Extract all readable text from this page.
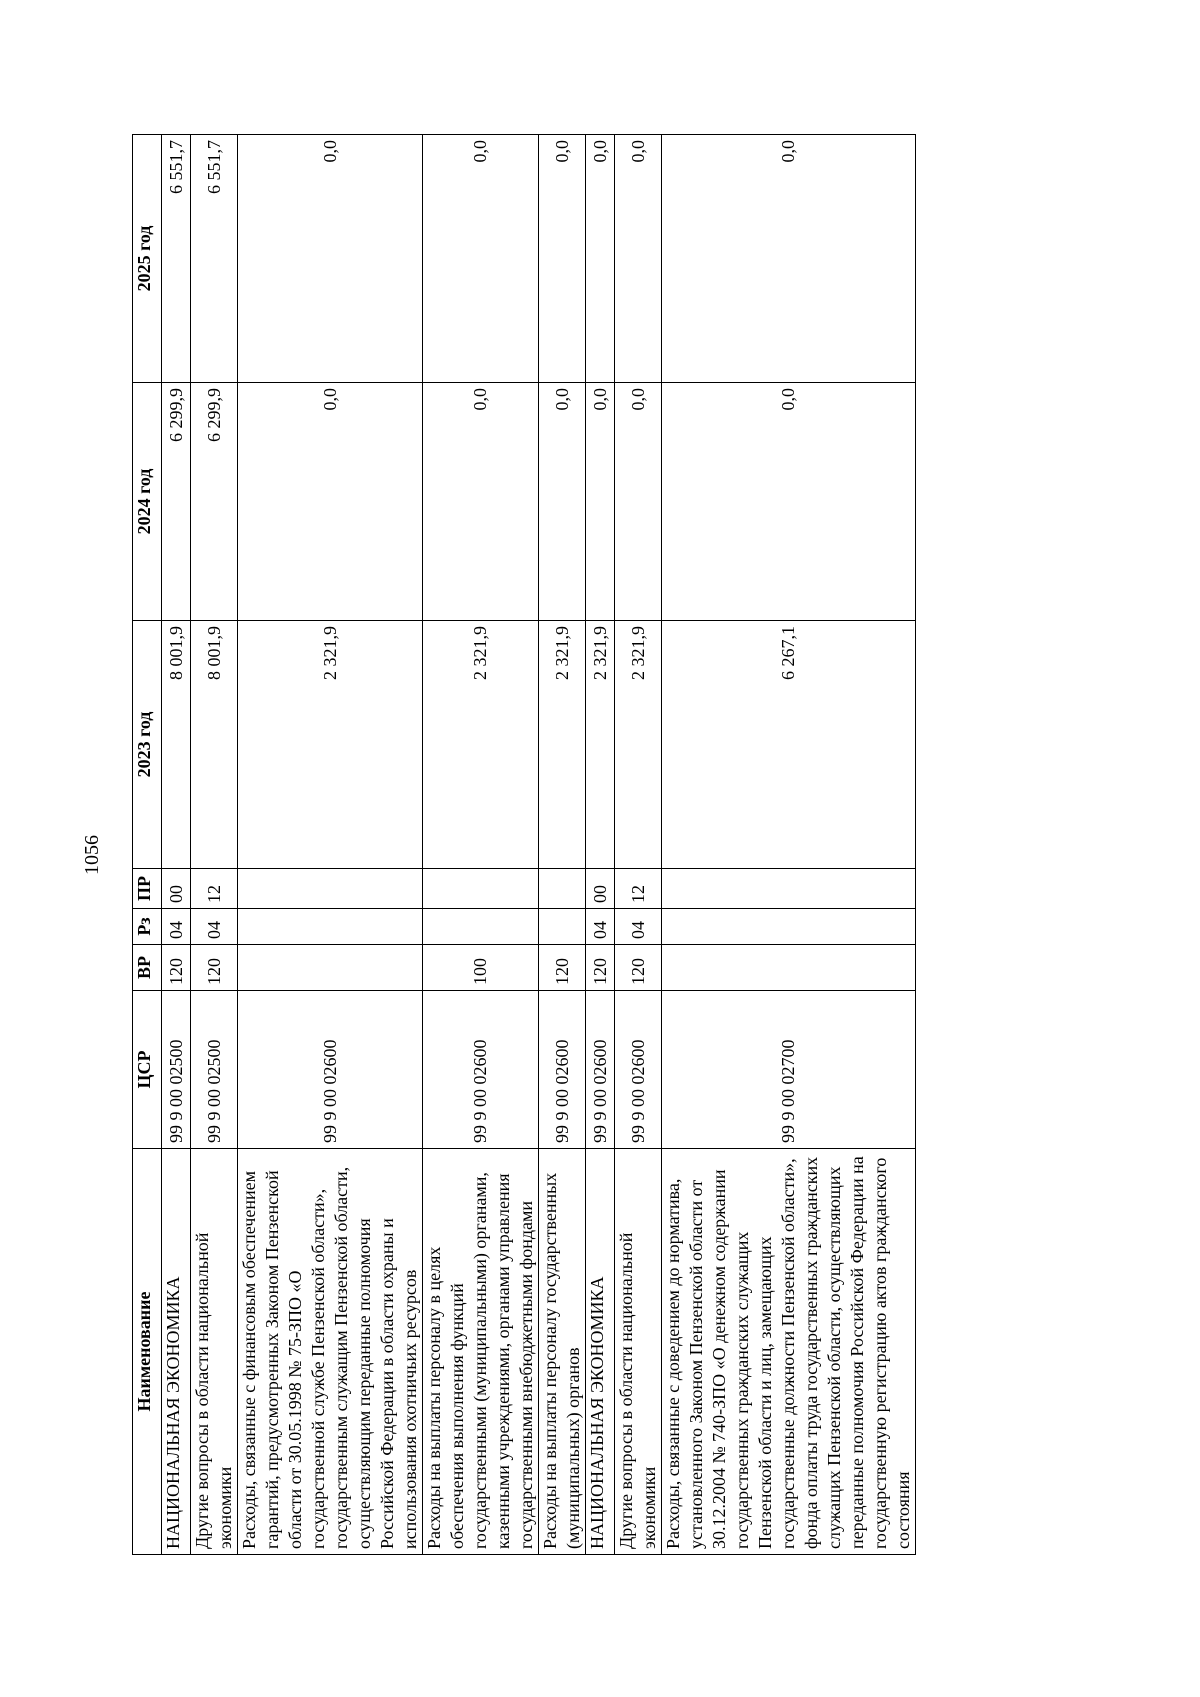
1056
Наименование	ЦСР	ВР	Рз	ПР	2023 год	2024 год	2025 год
НАЦИОНАЛЬНАЯ ЭКОНОМИКА	99 9 00 02500	120	04	00	8 001,9	6 299,9	6 551,7
Другие вопросы в области национальной экономики	99 9 00 02500	120	04	12	8 001,9	6 299,9	6 551,7
Расходы, связанные с финансовым обеспечением гарантий, предусмотренных Законом Пензенской области от 30.05.1998 № 75-ЗПО «О государственной службе Пензенской области», государственным служащим Пензенской области, осуществляющим переданные полномочия Российской Федерации в области охраны и использования охотничьих ресурсов	99 9 00 02600				2 321,9	0,0	0,0
Расходы на выплаты персоналу в целях обеспечения выполнения функций государственными (муниципальными) органами, казенными учреждениями, органами управления государственными внебюджетными фондами	99 9 00 02600	100			2 321,9	0,0	0,0
Расходы на выплаты персоналу государственных (муниципальных) органов	99 9 00 02600	120			2 321,9	0,0	0,0
НАЦИОНАЛЬНАЯ ЭКОНОМИКА	99 9 00 02600	120	04	00	2 321,9	0,0	0,0
Другие вопросы в области национальной экономики	99 9 00 02600	120	04	12	2 321,9	0,0	0,0
Расходы, связанные с доведением до норматива, установленного Законом Пензенской области от 30.12.2004 № 740-ЗПО «О денежном содержании государственных гражданских служащих Пензенской области и лиц, замещающих государственные должности Пензенской области», фонда оплаты труда государственных гражданских служащих Пензенской области, осуществляющих переданные полномочия Российской Федерации на государственную регистрацию актов гражданского состояния	99 9 00 02700				6 267,1	0,0	0,0
